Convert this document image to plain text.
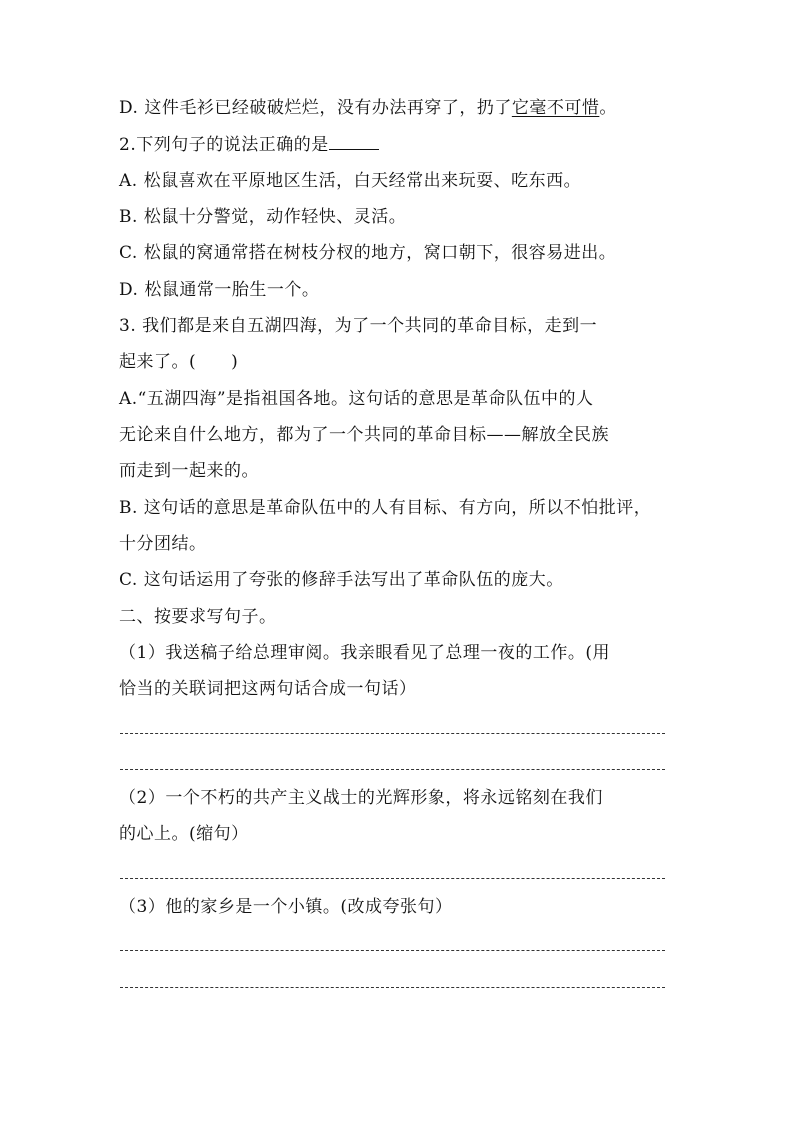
D. 这件毛衫已经破破烂烂，没有办法再穿了，扔了它毫不可惜。
2.下列句子的说法正确的是
A. 松鼠喜欢在平原地区生活，白天经常出来玩耍、吃东西。
B. 松鼠十分警觉，动作轻快、灵活。
C. 松鼠的窝通常搭在树枝分杈的地方，窝口朝下，很容易进出。
D. 松鼠通常一胎生一个。
3. 我们都是来自五湖四海，为了一个共同的革命目标，走到一
起来了。(　　)
A.“五湖四海”是指祖国各地。这句话的意思是革命队伍中的人
无论来自什么地方，都为了一个共同的革命目标——解放全民族
而走到一起来的。
B. 这句话的意思是革命队伍中的人有目标、有方向，所以不怕批评，
十分团结。
C. 这句话运用了夸张的修辞手法写出了革命队伍的庞大。
二、按要求写句子。
（1）我送稿子给总理审阅。我亲眼看见了总理一夜的工作。(用
恰当的关联词把这两句话合成一句话）
（2）一个不朽的共产主义战士的光辉形象，将永远铭刻在我们
的心上。(缩句）
（3）他的家乡是一个小镇。(改成夸张句）
